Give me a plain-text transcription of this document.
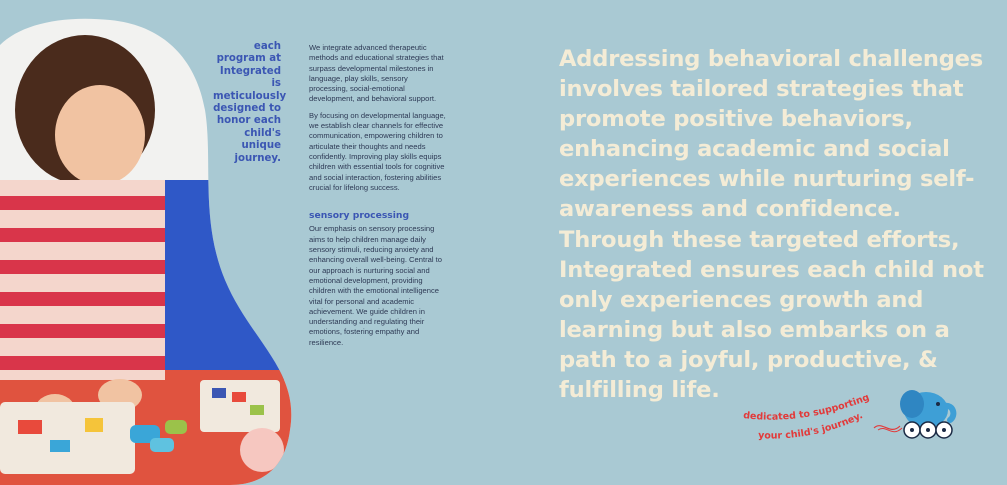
each program at Integrated is meticulously designed to honor each child's unique journey.

We integrate advanced therapeutic methods and educational strategies that surpass developmental milestones in language, play skills, sensory processing, social-emotional development, and behavioral support.

By focusing on developmental language, we establish clear channels for effective communication, empowering children to articulate their thoughts and needs confidently. Improving play skills equips children with essential tools for cognitive and social interaction, fostering abilities crucial for lifelong success.

sensory processing

Our emphasis on sensory processing aims to help children manage daily sensory stimuli, reducing anxiety and enhancing overall well-being. Central to our approach is nurturing social and emotional development, providing children with the emotional intelligence vital for personal and academic achievement. We guide children in understanding and regulating their emotions, fostering empathy and resilience.

Addressing behavioral challenges involves tailored strategies that promote positive behaviors, enhancing academic and social experiences while nurturing self-awareness and confidence. Through these targeted efforts, Integrated ensures each child not only experiences growth and learning but also embarks on a path to a joyful, productive, & fulfilling life.
dedicated to supporting
your child's journey.
